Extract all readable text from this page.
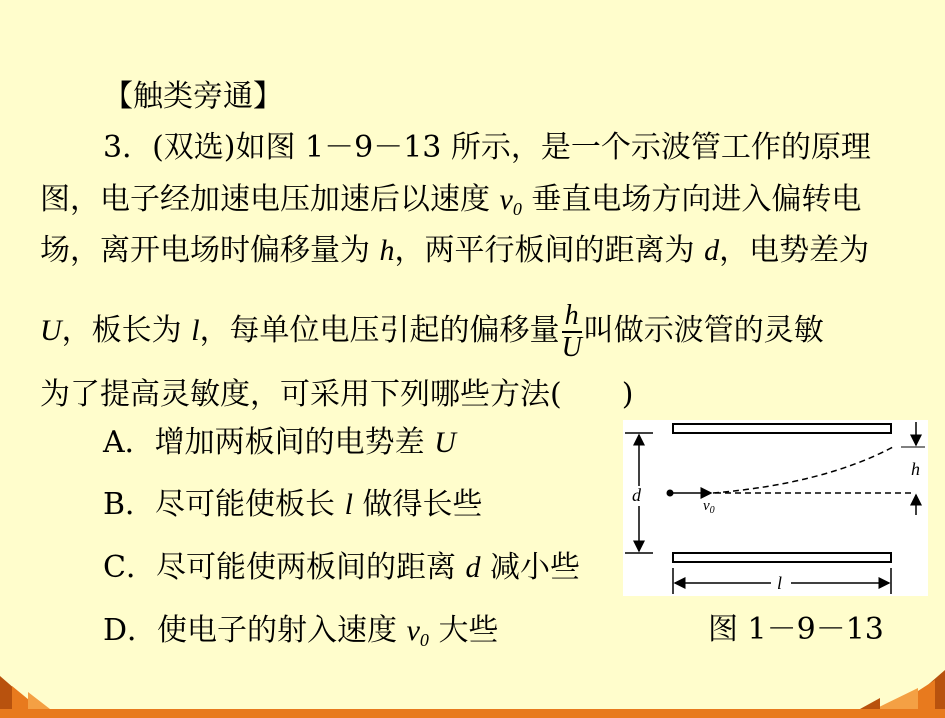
【触类旁通】
3．(双选)如图 1－9－13 所示，是一个示波管工作的原理
图，电子经加速电压加速后以速度 $v_0$ 垂直电场方向进入偏转电
场，离开电场时偏移量为 h，两平行板间的距离为 d，电势差为
U，板长为 l，每单位电压引起的偏移量 $\frac{h}{U}$ 叫做示波管的灵敏
为了提高灵敏度，可采用下列哪些方法(　　)
A．增加两板间的电势差 U
B．尽可能使板长 l 做得长些
C．尽可能使两板间的距离 d 减小些
D．使电子的射入速度 $v_0$ 大些
d
$v_0$
h
l
图 1－9－13
